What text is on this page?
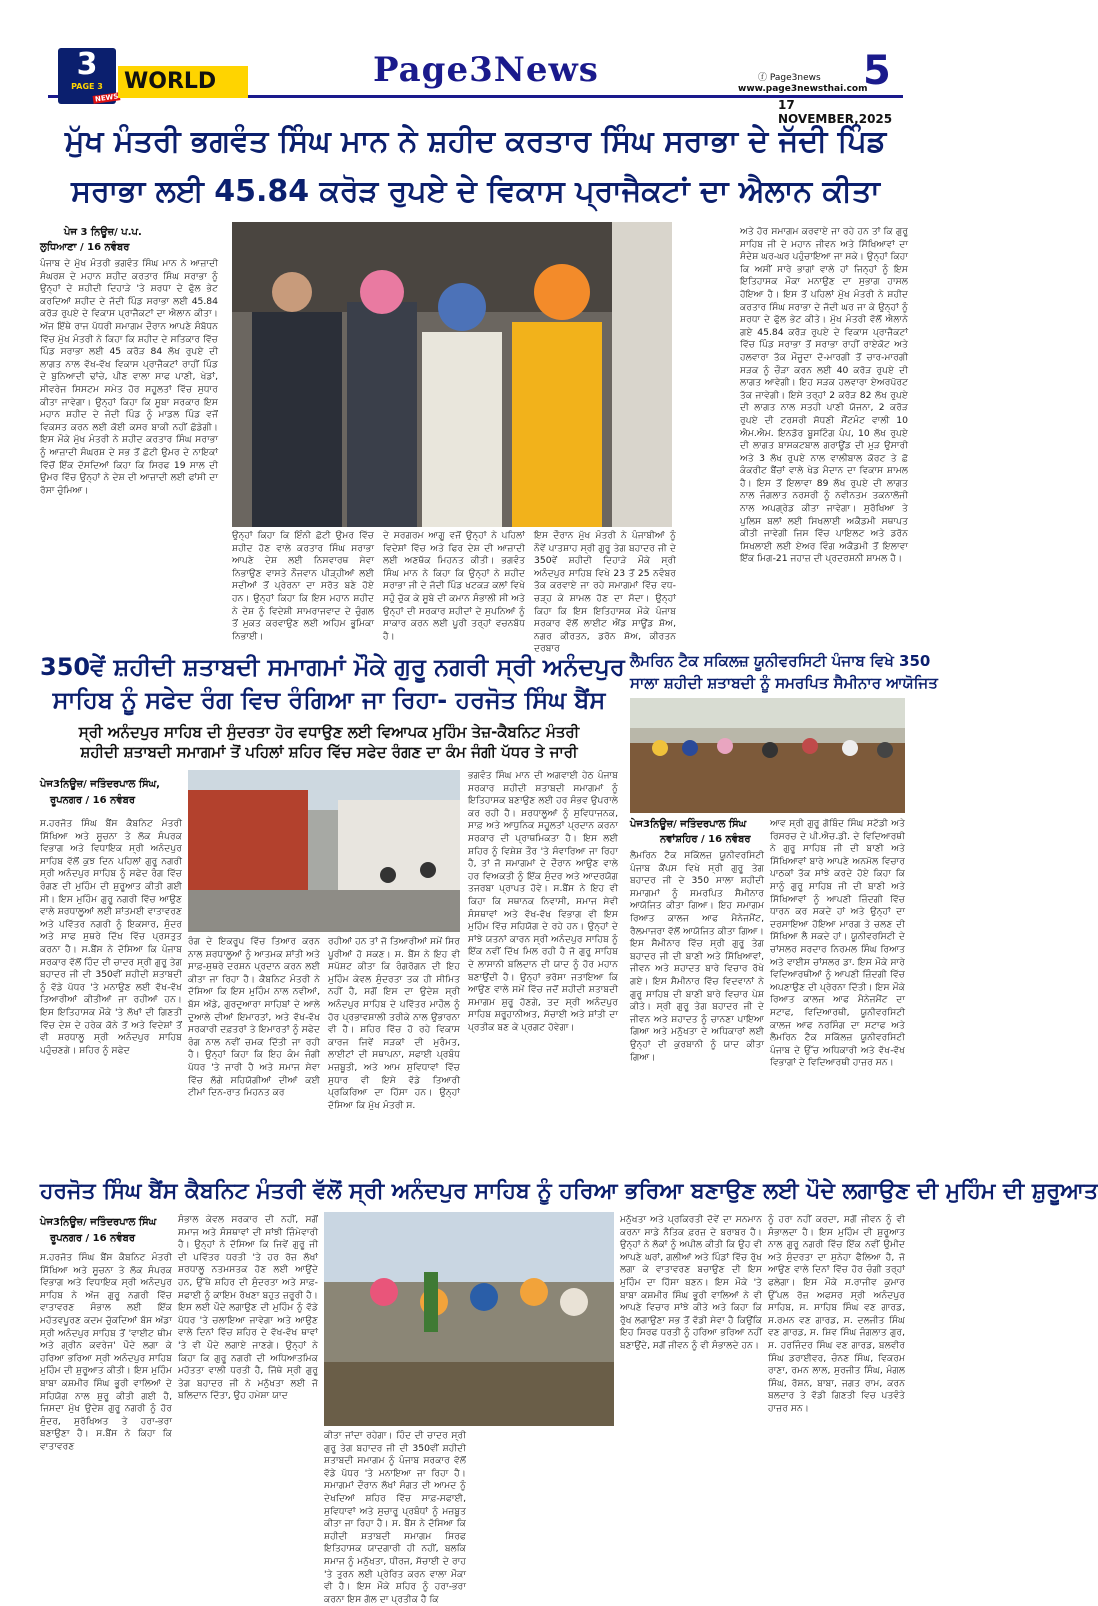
3
PAGE 3
NEWS
WORLD	Page3News	ⓕ Page3news
www.page3newsthai.com
5
17 NOVEMBER,2025
ਮੁੱਖ ਮੰਤਰੀ ਭਗਵੰਤ ਸਿੰਘ ਮਾਨ ਨੇ ਸ਼ਹੀਦ ਕਰਤਾਰ ਸਿੰਘ ਸਰਾਭਾ ਦੇ ਜੱਦੀ ਪਿੰਡ
ਸਰਾਭਾ ਲਈ 45.84 ਕਰੋੜ ਰੁਪਏ ਦੇ ਵਿਕਾਸ ਪ੍ਰਾਜੈਕਟਾਂ ਦਾ ਐਲਾਨ ਕੀਤਾ
ਪੇਜ 3 ਨਿਊਜ਼/ ਪ.ਪ.
ਲੁਧਿਆਣਾ / 16 ਨਵੰਬਰ
ਪੰਜਾਬ ਦੇ ਮੁੱਖ ਮੰਤਰੀ ਭਗਵੰਤ ਸਿੰਘ ਮਾਨ ਨੇ ਆਜ਼ਾਦੀ ਸੰਘਰਸ਼ ਦੇ ਮਹਾਨ ਸ਼ਹੀਦ ਕਰਤਾਰ ਸਿੰਘ ਸਰਾਭਾ ਨੂੰ ਉਨ੍ਹਾਂ ਦੇ ਸ਼ਹੀਦੀ ਦਿਹਾੜੇ 'ਤੇ ਸ਼ਰਧਾ ਦੇ ਫੁੱਲ ਭੇਟ ਕਰਦਿਆਂ ਸ਼ਹੀਦ ਦੇ ਜੱਦੀ ਪਿੰਡ ਸਰਾਭਾ ਲਈ 45.84 ਕਰੋੜ ਰੁਪਏ ਦੇ ਵਿਕਾਸ ਪ੍ਰਾਜੈਕਟਾਂ ਦਾ ਐਲਾਨ ਕੀਤਾ। ਅੱਜ ਇੱਥੇ ਰਾਜ ਪੱਧਰੀ ਸਮਾਗਮ ਦੌਰਾਨ ਆਪਣੇ ਸੰਬੋਧਨ ਵਿੱਚ ਮੁੱਖ ਮੰਤਰੀ ਨੇ ਕਿਹਾ ਕਿ ਸ਼ਹੀਦ ਦੇ ਸਤਿਕਾਰ ਵਿੱਚ ਪਿੰਡ ਸਰਾਭਾ ਲਈ 45 ਕਰੋੜ 84 ਲੱਖ ਰੁਪਏ ਦੀ ਲਾਗਤ ਨਾਲ ਵੱਖ-ਵੱਖ ਵਿਕਾਸ ਪ੍ਰਾਜੈਕਟਾਂ ਰਾਹੀਂ ਪਿੰਡ ਦੇ ਬੁਨਿਆਦੀ ਢਾਂਚੇ, ਪੀਣ ਵਾਲਾ ਸਾਫ ਪਾਣੀ, ਖੇਡਾਂ, ਸੀਵਰੇਜ ਸਿਸਟਮ ਸਮੇਤ ਹੋਰ ਸਹੂਲਤਾਂ ਵਿੱਚ ਸੁਧਾਰ ਕੀਤਾ ਜਾਵੇਗਾ। ਉਨ੍ਹਾਂ ਕਿਹਾ ਕਿ ਸੂਬਾ ਸਰਕਾਰ ਇਸ ਮਹਾਨ ਸ਼ਹੀਦ ਦੇ ਜੱਦੀ ਪਿੰਡ ਨੂੰ ਮਾਡਲ ਪਿੰਡ ਵਜੋਂ ਵਿਕਸਤ ਕਰਨ ਲਈ ਕੋਈ ਕਸਰ ਬਾਕੀ ਨਹੀਂ ਛੱਡੇਗੀ। ਇਸ ਮੌਕੇ ਮੁੱਖ ਮੰਤਰੀ ਨੇ ਸ਼ਹੀਦ ਕਰਤਾਰ ਸਿੰਘ ਸਰਾਭਾ ਨੂੰ ਆਜ਼ਾਦੀ ਸੰਘਰਸ਼ ਦੇ ਸਭ ਤੋਂ ਛੋਟੀ ਉਮਰ ਦੇ ਨਾਇਕਾਂ ਵਿੱਚੋਂ ਇੱਕ ਦੱਸਦਿਆਂ ਕਿਹਾ ਕਿ ਸਿਰਫ 19 ਸਾਲ ਦੀ ਉਮਰ ਵਿੱਚ ਉਨ੍ਹਾਂ ਨੇ ਦੇਸ਼ ਦੀ ਆਜ਼ਾਦੀ ਲਈ ਫਾਂਸੀ ਦਾ ਰੱਸਾ ਚੁੰਮਿਆ।
ਉਨ੍ਹਾਂ ਕਿਹਾ ਕਿ ਇੰਨੀ ਛੋਟੀ ਉਮਰ ਵਿੱਚ ਸ਼ਹੀਦ ਹੋਣ ਵਾਲੇ ਕਰਤਾਰ ਸਿੰਘ ਸਰਾਭਾ ਆਪਣੇ ਦੇਸ਼ ਲਈ ਨਿਸਵਾਰਥ ਸੇਵਾ ਨਿਭਾਉਣ ਵਾਸਤੇ ਨੌਜਵਾਨ ਪੀੜ੍ਹੀਆਂ ਲਈ ਸਦੀਆਂ ਤੋਂ ਪ੍ਰੇਰਨਾ ਦਾ ਸਰੋਤ ਬਣੇ ਹੋਏ ਹਨ। ਉਨ੍ਹਾਂ ਕਿਹਾ ਕਿ ਇਸ ਮਹਾਨ ਸ਼ਹੀਦ ਨੇ ਦੇਸ਼ ਨੂੰ ਵਿਦੇਸ਼ੀ ਸਾਮਰਾਜਵਾਦ ਦੇ ਚੁੰਗਲ ਤੋਂ ਮੁਕਤ ਕਰਵਾਉਣ ਲਈ ਅਹਿਮ ਭੂਮਿਕਾ ਨਿਭਾਈ।
ਦੇ ਸਰਗਰਮ ਆਗੂ ਵਜੋਂ ਉਨ੍ਹਾਂ ਨੇ ਪਹਿਲਾਂ ਵਿਦੇਸ਼ਾਂ ਵਿੱਚ ਅਤੇ ਫਿਰ ਦੇਸ਼ ਦੀ ਆਜ਼ਾਦੀ ਲਈ ਅਣਥੱਕ ਮਿਹਨਤ ਕੀਤੀ। ਭਗਵੰਤ ਸਿੰਘ ਮਾਨ ਨੇ ਕਿਹਾ ਕਿ ਉਨ੍ਹਾਂ ਨੇ ਸ਼ਹੀਦ ਸਰਾਭਾ ਜੀ ਦੇ ਜੱਦੀ ਪਿੰਡ ਖਟਕੜ ਕਲਾਂ ਵਿਖੇ ਸਹੁੰ ਚੁੱਕ ਕੇ ਸੂਬੇ ਦੀ ਕਮਾਨ ਸੰਭਾਲੀ ਸੀ ਅਤੇ ਉਨ੍ਹਾਂ ਦੀ ਸਰਕਾਰ ਸ਼ਹੀਦਾਂ ਦੇ ਸੁਪਨਿਆਂ ਨੂੰ ਸਾਕਾਰ ਕਰਨ ਲਈ ਪੂਰੀ ਤਰ੍ਹਾਂ ਵਚਨਬੱਧ ਹੈ।
ਇਸ ਦੌਰਾਨ ਮੁੱਖ ਮੰਤਰੀ ਨੇ ਪੰਜਾਬੀਆਂ ਨੂੰ ਨੌਵੇਂ ਪਾਤਸ਼ਾਹ ਸ੍ਰੀ ਗੁਰੂ ਤੇਗ ਬਹਾਦਰ ਜੀ ਦੇ 350ਵੇਂ ਸ਼ਹੀਦੀ ਦਿਹਾੜੇ ਮੌਕੇ ਸ੍ਰੀ ਅਨੰਦਪੁਰ ਸਾਹਿਬ ਵਿਖੇ 23 ਤੋਂ 25 ਨਵੰਬਰ ਤੱਕ ਕਰਵਾਏ ਜਾ ਰਹੇ ਸਮਾਗਮਾਂ ਵਿੱਚ ਵਧ-ਚੜ੍ਹ ਕੇ ਸ਼ਾਮਲ ਹੋਣ ਦਾ ਸੱਦਾ। ਉਨ੍ਹਾਂ ਕਿਹਾ ਕਿ ਇਸ ਇਤਿਹਾਸਕ ਮੌਕੇ ਪੰਜਾਬ ਸਰਕਾਰ ਵੱਲੋਂ ਲਾਈਟ ਐਂਡ ਸਾਊਂਡ ਸ਼ੋਅ, ਨਗਰ ਕੀਰਤਨ, ਡਰੋਨ ਸ਼ੋਅ, ਕੀਰਤਨ ਦਰਬਾਰ
ਅਤੇ ਹੋਰ ਸਮਾਗਮ ਕਰਵਾਏ ਜਾ ਰਹੇ ਹਨ ਤਾਂ ਕਿ ਗੁਰੂ ਸਾਹਿਬ ਜੀ ਦੇ ਮਹਾਨ ਜੀਵਨ ਅਤੇ ਸਿੱਖਿਆਵਾਂ ਦਾ ਸੰਦੇਸ਼ ਘਰ-ਘਰ ਪਹੁੰਚਾਇਆ ਜਾ ਸਕੇ। ਉਨ੍ਹਾਂ ਕਿਹਾ ਕਿ ਅਸੀਂ ਸਾਰੇ ਭਾਗਾਂ ਵਾਲੇ ਹਾਂ ਜਿਨ੍ਹਾਂ ਨੂੰ ਇਸ ਇਤਿਹਾਸਕ ਮੌਕਾ ਮਨਾਉਣ ਦਾ ਸੁਭਾਗ ਹਾਸਲ ਹੋਇਆ ਹੈ। ਇਸ ਤੋਂ ਪਹਿਲਾਂ ਮੁੱਖ ਮੰਤਰੀ ਨੇ ਸ਼ਹੀਦ ਕਰਤਾਰ ਸਿੰਘ ਸਰਾਭਾ ਦੇ ਜੱਦੀ ਘਰ ਜਾ ਕੇ ਉਨ੍ਹਾਂ ਨੂੰ ਸ਼ਰਧਾ ਦੇ ਫੁੱਲ ਭੇਟ ਕੀਤੇ। ਮੁੱਖ ਮੰਤਰੀ ਵੱਲੋਂ ਐਲਾਨੇ ਗਏ 45.84 ਕਰੋੜ ਰੁਪਏ ਦੇ ਵਿਕਾਸ ਪ੍ਰਾਜੈਕਟਾਂ ਵਿੱਚ ਪਿੰਡ ਸਰਾਭਾ ਤੋਂ ਸਰਾਭਾ ਰਾਹੀਂ ਰਾਏਕੋਟ ਅਤੇ ਹਲਵਾਰਾ ਤੱਕ ਮੌਜੂਦਾ ਦੋ-ਮਾਰਗੀ ਤੋਂ ਚਾਰ-ਮਾਰਗੀ ਸੜਕ ਨੂੰ ਚੌੜਾ ਕਰਨ ਲਈ 40 ਕਰੋੜ ਰੁਪਏ ਦੀ ਲਾਗਤ ਆਵੇਗੀ। ਇਹ ਸੜਕ ਹਲਵਾਰਾ ਏਅਰਪੋਰਟ ਤੱਕ ਜਾਵੇਗੀ। ਇਸੇ ਤਰ੍ਹਾਂ 2 ਕਰੋੜ 82 ਲੱਖ ਰੁਪਏ ਦੀ ਲਾਗਤ ਨਾਲ ਸਤਹੀ ਪਾਣੀ ਯੋਜਨਾ, 2 ਕਰੋੜ ਰੁਪਏ ਦੀ ਟਰਸਰੀ ਸੋਧਣੀ ਸੌਂਟਮੰਟ ਵਾਲੀ 10 ਐਮ.ਐਮ. ਇਨਡੋਰ ਬੂਸਟਿੰਗ ਪੰਪ, 10 ਲੱਖ ਰੁਪਏ ਦੀ ਲਾਗਤ ਬਾਸਕਟਬਾਲ ਗਰਾਊਂਡ ਦੀ ਮੁੜ ਉਸਾਰੀ ਅਤੇ 3 ਲੱਖ ਰੁਪਏ ਨਾਲ ਵਾਲੀਬਾਲ ਕੋਰਟ ਤੇ ਛੋ ਕੰਕਰੀਟ ਬੈਂਚਾਂ ਵਾਲੇ ਖੇਡ ਮੈਦਾਨ ਦਾ ਵਿਕਾਸ ਸ਼ਾਮਲ ਹੈ। ਇਸ ਤੋਂ ਇਲਾਵਾ 89 ਲੱਖ ਰੁਪਏ ਦੀ ਲਾਗਤ ਨਾਲ ਜੰਗਲਾਤ ਨਰਸਰੀ ਨੂੰ ਨਵੀਨਤਮ ਤਕਨਾਲੋਜੀ ਨਾਲ ਅਪਗ੍ਰੇਡ ਕੀਤਾ ਜਾਵੇਗਾ। ਸੁਰੱਖਿਆ ਤੇ ਪੁਲਿਸ ਬਲਾਂ ਲਈ ਸਿਖਲਾਈ ਅਕੈਡਮੀ ਸਥਾਪਤ ਕੀਤੀ ਜਾਵੇਗੀ ਜਿਸ ਵਿੱਚ ਪਾਇਲਟ ਅਤੇ ਡਰੋਨ ਸਿਖਲਾਈ ਲਈ ਏਅਰ ਵਿੰਗ ਅਕੈਡਮੀ ਤੋਂ ਇਲਾਵਾ ਇੱਕ ਮਿਗ-21 ਜਹਾਜ਼ ਦੀ ਪ੍ਰਦਰਸ਼ਨੀ ਸ਼ਾਮਲ ਹੈ।
350ਵੇਂ ਸ਼ਹੀਦੀ ਸ਼ਤਾਬਦੀ ਸਮਾਗਮਾਂ ਮੌਕੇ ਗੁਰੂ ਨਗਰੀ ਸ੍ਰੀ ਅਨੰਦਪੁਰ
ਸਾਹਿਬ ਨੂੰ ਸਫੇਦ ਰੰਗ ਵਿਚ ਰੰਗਿਆ ਜਾ ਰਿਹਾ- ਹਰਜੋਤ ਸਿੰਘ ਬੈਂਸ
ਸ੍ਰੀ ਅਨੰਦਪੁਰ ਸਾਹਿਬ ਦੀ ਸੁੰਦਰਤਾ ਹੋਰ ਵਧਾਉਣ ਲਈ ਵਿਆਪਕ ਮੁਹਿੰਮ ਤੇਜ਼-ਕੈਬਨਿਟ ਮੰਤਰੀ
ਸ਼ਹੀਦੀ ਸ਼ਤਾਬਦੀ ਸਮਾਗਮਾਂ ਤੋਂ ਪਹਿਲਾਂ ਸ਼ਹਿਰ ਵਿੱਚ ਸਫੇਦ ਰੰਗਣ ਦਾ ਕੰਮ ਜੰਗੀ ਪੱਧਰ ਤੇ ਜਾਰੀ
ਪੇਜ3ਨਿਊਜ਼/ ਜਤਿੰਦਰਪਾਲ ਸਿੰਘ,
ਰੂਪਨਗਰ / 16 ਨਵੰਬਰ
ਸ.ਹਰਜੋਤ ਸਿੰਘ ਬੈਂਸ ਕੈਬਨਿਟ ਮੰਤਰੀ ਸਿੱਖਿਆ ਅਤੇ ਸੂਚਨਾ ਤੇ ਲੋਕ ਸੰਪਰਕ ਵਿਭਾਗ ਅਤੇ ਵਿਧਾਇਕ ਸ੍ਰੀ ਅਨੰਦਪੁਰ ਸਾਹਿਬ ਵੱਲੋਂ ਕੁਝ ਦਿਨ ਪਹਿਲਾਂ ਗੁਰੂ ਨਗਰੀ ਸ੍ਰੀ ਅਨੰਦਪੁਰ ਸਾਹਿਬ ਨੂੰ ਸਫੇਦ ਰੰਗ ਵਿੱਚ ਰੰਗਣ ਦੀ ਮੁਹਿੰਮ ਦੀ ਸ਼ੁਰੂਆਤ ਕੀਤੀ ਗਈ ਸੀ। ਇਸ ਮੁਹਿੰਮ ਗੁਰੂ ਨਗਰੀ ਵਿੱਚ ਆਉਣ ਵਾਲੇ ਸ਼ਰਧਾਲੂਆਂ ਲਈ ਸ਼ਾਂਤਮਈ ਵਾਤਾਵਰਣ ਅਤੇ ਪਵਿੱਤਰ ਨਗਰੀ ਨੂੰ ਇਕਸਾਰ, ਸੁੰਦਰ ਅਤੇ ਸਾਫ ਸੁਥਰੇ ਦਿੱਖ ਵਿੱਚ ਪ੍ਰਸਤੁਤ ਕਰਨਾ ਹੈ। ਸ.ਬੈਂਸ ਨੇ ਦੱਸਿਆ ਕਿ ਪੰਜਾਬ ਸਰਕਾਰ ਵੱਲੋਂ ਹਿੰਦ ਦੀ ਚਾਦਰ ਸ੍ਰੀ ਗੁਰੂ ਤੇਗ ਬਹਾਦਰ ਜੀ ਦੀ 350ਵੀਂ ਸ਼ਹੀਦੀ ਸ਼ਤਾਬਦੀ ਨੂੰ ਵੱਡੇ ਪੱਧਰ 'ਤੇ ਮਨਾਉਣ ਲਈ ਵੱਖ-ਵੱਖ ਤਿਆਰੀਆਂ ਕੀਤੀਆਂ ਜਾ ਰਹੀਆਂ ਹਨ। ਇਸ ਇਤਿਹਾਸਕ ਮੌਕੇ 'ਤੇ ਲੱਖਾਂ ਦੀ ਗਿਣਤੀ ਵਿੱਚ ਦੇਸ਼ ਦੇ ਹਰੇਕ ਕੋਨੇ ਤੋਂ ਅਤੇ ਵਿਦੇਸ਼ਾਂ ਤੋਂ ਵੀ ਸ਼ਰਧਾਲੂ ਸ੍ਰੀ ਅਨੰਦਪੁਰ ਸਾਹਿਬ ਪਹੁੰਚਣਗੇ। ਸ਼ਹਿਰ ਨੂੰ ਸਫੇਦ
ਰੰਗ ਦੇ ਇਕਰੂਪ ਵਿੱਚ ਤਿਆਰ ਕਰਨ ਨਾਲ ਸ਼ਰਧਾਲੂਆਂ ਨੂੰ ਆਤਮਕ ਸ਼ਾਂਤੀ ਅਤੇ ਸਾਫ਼-ਸੁਥਰੇ ਦਰਸ਼ਨ ਪ੍ਰਦਾਨ ਕਰਨ ਲਈ ਕੀਤਾ ਜਾ ਰਿਹਾ ਹੈ। ਕੈਬਨਿਟ ਮੰਤਰੀ ਨੇ ਦੱਸਿਆ ਕਿ ਇਸ ਮੁਹਿੰਮ ਨਾਲ ਨਵੀਆਂ, ਬੱਸ ਅੱਡੇ, ਗੁਰਦੁਆਰਾ ਸਾਹਿਬਾਂ ਦੇ ਆਲੇ ਦੁਆਲੇ ਦੀਆਂ ਇਮਾਰਤਾਂ, ਅਤੇ ਵੱਖ-ਵੱਖ ਸਰਕਾਰੀ ਦਫ਼ਤਰਾਂ ਤੇ ਇਮਾਰਤਾਂ ਨੂੰ ਸਫੇਦ ਰੰਗ ਨਾਲ ਨਵੀਂ ਚਮਕ ਦਿੱਤੀ ਜਾ ਰਹੀ ਹੈ। ਉਨ੍ਹਾਂ ਕਿਹਾ ਕਿ ਇਹ ਕੰਮ ਜੰਗੀ ਪੱਧਰ 'ਤੇ ਜਾਰੀ ਹੈ ਅਤੇ ਸਮਾਜ ਸੇਵਾ ਵਿੱਚ ਲੱਗੇ ਸਹਿਯੋਗੀਆਂ ਦੀਆਂ ਕਈ ਟੀਮਾਂ ਦਿਨ-ਰਾਤ ਮਿਹਨਤ ਕਰ
ਰਹੀਆਂ ਹਨ ਤਾਂ ਜੋ ਤਿਆਰੀਆਂ ਸਮੇਂ ਸਿਰ ਪੂਰੀਆਂ ਹੋ ਸਕਣ। ਸ. ਬੈਂਸ ਨੇ ਇਹ ਵੀ ਸਪੱਸ਼ਟ ਕੀਤਾ ਕਿ ਰੰਗਰੋਗਨ ਦੀ ਇਹ ਮੁਹਿੰਮ ਕੇਵਲ ਸੁੰਦਰਤਾ ਤਕ ਹੀ ਸੀਮਿਤ ਨਹੀਂ ਹੈ, ਸਗੋਂ ਇਸ ਦਾ ਉਦੇਸ਼ ਸ੍ਰੀ ਅਨੰਦਪੁਰ ਸਾਹਿਬ ਦੇ ਪਵਿੱਤਰ ਮਾਹੌਲ ਨੂੰ ਹੋਰ ਪ੍ਰਭਾਵਸ਼ਾਲੀ ਤਰੀਕੇ ਨਾਲ ਉਭਾਰਨਾ ਵੀ ਹੈ। ਸ਼ਹਿਰ ਵਿੱਚ ਹੋ ਰਹੇ ਵਿਕਾਸ ਕਾਰਜ ਜਿਵੇਂ ਸੜਕਾਂ ਦੀ ਮੁਰੰਮਤ, ਲਾਈਟਾਂ ਦੀ ਸਥਾਪਨਾ, ਸਫਾਈ ਪ੍ਰਬੰਧ ਮਜ਼ਬੂਤੀ, ਅਤੇ ਆਮ ਸੁਵਿਧਾਵਾਂ ਵਿੱਚ ਸੁਧਾਰ ਵੀ ਇਸੇ ਵੱਡੇ ਤਿਆਰੀ ਪ੍ਰਕਿਰਿਆ ਦਾ ਹਿੱਸਾ ਹਨ। ਉਨ੍ਹਾਂ ਦੱਸਿਆ ਕਿ ਮੁੱਖ ਮੰਤਰੀ ਸ.
ਭਗਵੰਤ ਸਿੰਘ ਮਾਨ ਦੀ ਅਗਵਾਈ ਹੇਠ ਪੰਜਾਬ ਸਰਕਾਰ ਸ਼ਹੀਦੀ ਸ਼ਤਾਬਦੀ ਸਮਾਗਮਾਂ ਨੂੰ ਇਤਿਹਾਸਕ ਬਣਾਉਣ ਲਈ ਹਰ ਸੰਭਵ ਉਪਰਾਲੇ ਕਰ ਰਹੀ ਹੈ। ਸ਼ਰਧਾਲੂਆਂ ਨੂੰ ਸੁਵਿਧਾਜਨਕ, ਸਾਫ਼ ਅਤੇ ਆਧੁਨਿਕ ਸਹੂਲਤਾਂ ਪ੍ਰਦਾਨ ਕਰਨਾ ਸਰਕਾਰ ਦੀ ਪ੍ਰਾਥਮਿਕਤਾ ਹੈ। ਇਸ ਲਈ ਸ਼ਹਿਰ ਨੂੰ ਵਿਸ਼ੇਸ਼ ਤੌਰ 'ਤੇ ਸੰਵਾਰਿਆ ਜਾ ਰਿਹਾ ਹੈ, ਤਾਂ ਜੋ ਸਮਾਗਮਾਂ ਦੇ ਦੌਰਾਨ ਆਉਣ ਵਾਲੇ ਹਰ ਵਿਅਕਤੀ ਨੂੰ ਇੱਕ ਸੁੰਦਰ ਅਤੇ ਆਦਰਯੋਗ ਤਜਰਬਾ ਪ੍ਰਾਪਤ ਹੋਵੇ। ਸ.ਬੈਂਸ ਨੇ ਇਹ ਵੀ ਕਿਹਾ ਕਿ ਸਥਾਨਕ ਨਿਵਾਸੀ, ਸਮਾਜ ਸੇਵੀ ਸੰਸਥਾਵਾਂ ਅਤੇ ਵੱਖ-ਵੱਖ ਵਿਭਾਗ ਵੀ ਇਸ ਮੁਹਿੰਮ ਵਿੱਚ ਸਹਿਯੋਗ ਦੇ ਰਹੇ ਹਨ। ਉਨ੍ਹਾਂ ਦੇ ਸਾਂਝੇ ਯਤਨਾਂ ਕਾਰਨ ਸ੍ਰੀ ਅਨੰਦਪੁਰ ਸਾਹਿਬ ਨੂੰ ਇੱਕ ਨਵੀਂ ਦਿੱਖ ਮਿਲ ਰਹੀ ਹੈ ਜੋ ਗੁਰੂ ਸਾਹਿਬ ਦੇ ਲਾਸਾਨੀ ਬਲਿਦਾਨ ਦੀ ਯਾਦ ਨੂੰ ਹੋਰ ਮਹਾਨ ਬਣਾਉਂਦੀ ਹੈ। ਉਨ੍ਹਾਂ ਭਰੋਸਾ ਜਤਾਇਆ ਕਿ ਆਉਣ ਵਾਲੇ ਸਮੇਂ ਵਿੱਚ ਜਦੋਂ ਸ਼ਹੀਦੀ ਸ਼ਤਾਬਦੀ ਸਮਾਗਮ ਸ਼ੁਰੂ ਹੋਣਗੇ, ਤਦ ਸ੍ਰੀ ਅਨੰਦਪੁਰ ਸਾਹਿਬ ਸ਼ਰੂਹਾਨੀਅਤ, ਸੱਚਾਈ ਅਤੇ ਸ਼ਾਂਤੀ ਦਾ ਪ੍ਰਤੀਕ ਬਣ ਕੇ ਪ੍ਰਗਟ ਹੋਵੇਗਾ।
ਲੈਮਰਿਨ ਟੈਕ ਸਕਿਲਜ਼ ਯੂਨੀਵਰਸਿਟੀ ਪੰਜਾਬ ਵਿਖੇ 350
ਸਾਲਾ ਸ਼ਹੀਦੀ ਸ਼ਤਾਬਦੀ ਨੂੰ ਸਮਰਪਿਤ ਸੈਮੀਨਾਰ ਆਯੋਜਿਤ
ਪੇਜ3ਨਿਊਜ਼/ ਜਤਿੰਦਰਪਾਲ ਸਿੰਘ
ਨਵਾਂਸ਼ਹਿਰ / 16 ਨਵੰਬਰ
ਲੈਮਰਿਨ ਟੈਕ ਸਕਿੱਲਜ਼ ਯੂਨੀਵਰਸਿਟੀ ਪੰਜਾਬ ਕੈਂਪਸ ਵਿਖੇ ਸ੍ਰੀ ਗੁਰੂ ਤੇਗ ਬਹਾਦਰ ਜੀ ਦੇ 350 ਸਾਲਾ ਸ਼ਹੀਦੀ ਸਮਾਗਮਾਂ ਨੂੰ ਸਮਰਪਿਤ ਸੈਮੀਨਾਰ ਆਯੋਜਿਤ ਕੀਤਾ ਗਿਆ। ਇਹ ਸਮਾਗਮ ਰਿਆਤ ਕਾਲਜ ਆਫ ਮੈਨੇਜਮੈਂਟ, ਰੈਲਮਾਜਰਾ ਵੱਲੋਂ ਆਯੋਜਿਤ ਕੀਤਾ ਗਿਆ। ਇਸ ਸੈਮੀਨਾਰ ਵਿੱਚ ਸ੍ਰੀ ਗੁਰੂ ਤੇਗ ਬਹਾਦਰ ਜੀ ਦੀ ਬਾਣੀ ਅਤੇ ਸਿੱਖਿਆਵਾਂ, ਜੀਵਨ ਅਤੇ ਸ਼ਹਾਦਤ ਬਾਰੇ ਵਿਚਾਰ ਰੱਖੇ ਗਏ। ਇਸ ਸੈਮੀਨਾਰ ਵਿੱਚ ਵਿਦਵਾਨਾਂ ਨੇ ਗੁਰੂ ਸਾਹਿਬ ਦੀ ਬਾਣੀ ਬਾਰੇ ਵਿਚਾਰ ਪੇਸ਼ ਕੀਤੇ। ਸ੍ਰੀ ਗੁਰੂ ਤੇਗ ਬਹਾਦਰ ਜੀ ਦੇ ਜੀਵਨ ਅਤੇ ਸ਼ਹਾਦਤ ਨੂੰ ਚਾਨਣਾ ਪਾਇਆ ਗਿਆ ਅਤੇ ਮਨੁੱਖਤਾ ਦੇ ਅਧਿਕਾਰਾਂ ਲਈ ਉਨ੍ਹਾਂ ਦੀ ਕੁਰਬਾਨੀ ਨੂੰ ਯਾਦ ਕੀਤਾ ਗਿਆ।
ਆਵ ਸ੍ਰੀ ਗੁਰੂ ਗੋਬਿੰਦ ਸਿੰਘ ਸਟੱਡੀ ਅਤੇ ਰਿਸਰਚ ਦੇ ਪੀ.ਐਚ.ਡੀ. ਦੇ ਵਿਦਿਆਰਥੀ ਨੇ ਗੁਰੂ ਸਾਹਿਬ ਜੀ ਦੀ ਬਾਣੀ ਅਤੇ ਸਿੱਖਿਆਵਾਂ ਬਾਰੇ ਆਪਣੇ ਅਨਮੋਲ ਵਿਚਾਰ ਪਾਠਕਾਂ ਤੱਕ ਸਾਂਝੇ ਕਰਦੇ ਹੋਏ ਕਿਹਾ ਕਿ ਸਾਨੂੰ ਗੁਰੂ ਸਾਹਿਬ ਜੀ ਦੀ ਬਾਣੀ ਅਤੇ ਸਿੱਖਿਆਵਾਂ ਨੂੰ ਆਪਣੀ ਜ਼ਿੰਦਗੀ ਵਿੱਚ ਧਾਰਨ ਕਰ ਸਕਦੇ ਹਾਂ ਅਤੇ ਉਨ੍ਹਾਂ ਦਾ ਦਰਸਾਇਆ ਹੋਇਆ ਮਾਰਗ ਤੇ ਚਲਣ ਦੀ ਸਿੱਖਿਆ ਲੈ ਸਕਦੇ ਹਾਂ। ਯੂਨੀਵਰਸਿਟੀ ਦੇ ਚਾਂਸਲਰ ਸਰਦਾਰ ਨਿਰਮਲ ਸਿੰਘ ਰਿਆਤ ਅਤੇ ਵਾਈਸ ਚਾਂਸਲਰ ਡਾ. ਇਸ ਮੌਕੇ ਸਾਰੇ ਵਿਦਿਆਰਥੀਆਂ ਨੂੰ ਆਪਣੀ ਜ਼ਿੰਦਗੀ ਵਿੱਚ ਅਪਣਾਉਣ ਦੀ ਪ੍ਰੇਰਨਾ ਦਿੱਤੀ। ਇਸ ਮੌਕੇ ਰਿਆਤ ਕਾਲਜ ਆਫ ਮੈਨੇਜਮੈਂਟ ਦਾ ਸਟਾਫ, ਵਿਦਿਆਰਥੀ, ਯੂਨੀਵਰਸਿਟੀ ਕਾਲਜ ਆਫ ਨਰਸਿੰਗ ਦਾ ਸਟਾਫ ਅਤੇ ਲੈਮਰਿਨ ਟੈਕ ਸਕਿੱਲਜ਼ ਯੂਨੀਵਰਸਿਟੀ ਪੰਜਾਬ ਦੇ ਉੱਚ ਅਧਿਕਾਰੀ ਅਤੇ ਵੱਖ-ਵੱਖ ਵਿਭਾਗਾਂ ਦੇ ਵਿਦਿਆਰਥੀ ਹਾਜ਼ਰ ਸਨ।
ਹਰਜੋਤ ਸਿੰਘ ਬੈਂਸ ਕੈਬਨਿਟ ਮੰਤਰੀ ਵੱਲੋਂ ਸ੍ਰੀ ਅਨੰਦਪੁਰ ਸਾਹਿਬ ਨੂੰ ਹਰਿਆ ਭਰਿਆ ਬਣਾਉਣ ਲਈ ਪੌਦੇ ਲਗਾਉਣ ਦੀ ਮੁਹਿੰਮ ਦੀ ਸ਼ੁਰੂਆਤ
ਪੇਜ3ਨਿਊਜ਼/ ਜਤਿੰਦਰਪਾਲ ਸਿੰਘ
ਰੂਪਨਗਰ / 16 ਨਵੰਬਰ
ਸ.ਹਰਜੋਤ ਸਿੰਘ ਬੈਂਸ ਕੈਬਨਿਟ ਮੰਤਰੀ ਸਿੱਖਿਆ ਅਤੇ ਸੂਚਨਾ ਤੇ ਲੋਕ ਸੰਪਰਕ ਵਿਭਾਗ ਅਤੇ ਵਿਧਾਇਕ ਸ੍ਰੀ ਅਨੰਦਪੁਰ ਸਾਹਿਬ ਨੇ ਅੱਜ ਗੁਰੂ ਨਗਰੀ ਵਿੱਚ ਵਾਤਾਵਰਣ ਸੰਭਾਲ ਲਈ ਇੱਕ ਮਹੱਤਵਪੂਰਣ ਕਦਮ ਚੁੱਕਦਿਆਂ ਬੱਸ ਅੱਡਾ ਸ੍ਰੀ ਅਨੰਦਪੁਰ ਸਾਹਿਬ ਤੋਂ 'ਵਾਈਟ ਥੀਮ ਅਤੇ ਗ੍ਰੀਨ ਕਵਰੇਜ' ਪੌਦੇ ਲਗਾ ਕੇ ਹਰਿਆ ਭਰਿਆ ਸ੍ਰੀ ਅਨੰਦਪੁਰ ਸਾਹਿਬ ਮੁਹਿੰਮ ਦੀ ਸ਼ੁਰੂਆਤ ਕੀਤੀ। ਇਸ ਮੁਹਿੰਮ ਬਾਬਾ ਕਸ਼ਮੀਰ ਸਿੰਘ ਭੂਰੀ ਵਾਲਿਆਂ ਦੇ ਸਹਿਯੋਗ ਨਾਲ ਸ਼ੁਰੂ ਕੀਤੀ ਗਈ ਹੈ, ਜਿਸਦਾ ਮੁੱਖ ਉਦੇਸ਼ ਗੁਰੂ ਨਗਰੀ ਨੂੰ ਹੋਰ ਸੁੰਦਰ, ਸੁਰੱਖਿਅਤ ਤੇ ਹਰਾ-ਭਰਾ ਬਣਾਉਣਾ ਹੈ। ਸ.ਬੈਂਸ ਨੇ ਕਿਹਾ ਕਿ ਵਾਤਾਵਰਣ
ਸੰਭਾਲ ਕੇਵਲ ਸਰਕਾਰ ਦੀ ਨਹੀਂ, ਸਗੋਂ ਸਮਾਜ ਅਤੇ ਸੰਸਥਾਵਾਂ ਦੀ ਸਾਂਝੀ ਜ਼ਿੰਮੇਵਾਰੀ ਹੈ। ਉਨ੍ਹਾਂ ਨੇ ਦੱਸਿਆ ਕਿ ਜਿਵੇਂ ਗੁਰੂ ਜੀ ਦੀ ਪਵਿੱਤਰ ਧਰਤੀ 'ਤੇ ਹਰ ਰੋਜ਼ ਲੱਖਾਂ ਸ਼ਰਧਾਲੂ ਨਤਮਸਤਕ ਹੋਣ ਲਈ ਆਉਂਦੇ ਹਨ, ਉੱਥੇ ਸ਼ਹਿਰ ਦੀ ਸੁੰਦਰਤਾ ਅਤੇ ਸਾਫ਼-ਸਫਾਈ ਨੂੰ ਕਾਇਮ ਰੱਖਣਾ ਬਹੁਤ ਜ਼ਰੂਰੀ ਹੈ। ਇਸ ਲਈ ਪੌਦੇ ਲਗਾਉਣ ਦੀ ਮੁਹਿੰਮ ਨੂੰ ਵੱਡੇ ਪੱਧਰ 'ਤੇ ਚਲਾਇਆ ਜਾਵੇਗਾ ਅਤੇ ਆਉਣ ਵਾਲੇ ਦਿਨਾਂ ਵਿੱਚ ਸ਼ਹਿਰ ਦੇ ਵੱਖ-ਵੱਖ ਥਾਵਾਂ 'ਤੇ ਵੀ ਪੌਦੇ ਲਗਾਏ ਜਾਣਗੇ। ਉਨ੍ਹਾਂ ਨੇ ਕਿਹਾ ਕਿ ਗੁਰੂ ਨਗਰੀ ਦੀ ਅਧਿਆਤਮਿਕ ਮਹੱਤਤਾ ਵਾਲੀ ਧਰਤੀ ਹੈ, ਜਿੱਥੇ ਸ੍ਰੀ ਗੁਰੂ ਤੇਗ ਬਹਾਦਰ ਜੀ ਨੇ ਮਨੁੱਖਤਾ ਲਈ ਜੋ ਬਲਿਦਾਨ ਦਿੱਤਾ, ਉਹ ਹਮੇਸ਼ਾ ਯਾਦ
ਕੀਤਾ ਜਾਂਦਾ ਰਹੇਗਾ। ਹਿੰਦ ਦੀ ਚਾਦਰ ਸ੍ਰੀ ਗੁਰੂ ਤੇਗ ਬਹਾਦਰ ਜੀ ਦੀ 350ਵੀਂ ਸ਼ਹੀਦੀ ਸ਼ਤਾਬਦੀ ਸਮਾਗਮ ਨੂੰ ਪੰਜਾਬ ਸਰਕਾਰ ਵੱਲੋਂ ਵੱਡੇ ਪੱਧਰ 'ਤੇ ਮਨਾਇਆ ਜਾ ਰਿਹਾ ਹੈ। ਸਮਾਗਮਾਂ ਦੌਰਾਨ ਲੱਖਾਂ ਸੰਗਤ ਦੀ ਆਮਦ ਨੂੰ ਦੇਖਦਿਆਂ ਸ਼ਹਿਰ ਵਿੱਚ ਸਾਫ਼-ਸਫਾਈ, ਸੁਵਿਧਾਵਾਂ ਅਤੇ ਸੁਚਾਰੂ ਪ੍ਰਬੰਧਾਂ ਨੂੰ ਮਜ਼ਬੂਤ ਕੀਤਾ ਜਾ ਰਿਹਾ ਹੈ। ਸ. ਬੈਂਸ ਨੇ ਦੱਸਿਆ ਕਿ ਸ਼ਹੀਦੀ ਸ਼ਤਾਬਦੀ ਸਮਾਗਮ ਸਿਰਫ ਇਤਿਹਾਸਕ ਯਾਦਗਾਰੀ ਹੀ ਨਹੀਂ, ਬਲਕਿ ਸਮਾਜ ਨੂੰ ਮਨੁੱਖਤਾ, ਧੀਰਜ, ਸੱਚਾਈ ਦੇ ਰਾਹ 'ਤੇ ਤੁਰਨ ਲਈ ਪ੍ਰੇਰਿਤ ਕਰਨ ਵਾਲਾ ਮੌਕਾ ਵੀ ਹੈ। ਇਸ ਮੌਕੇ ਸ਼ਹਿਰ ਨੂੰ ਹਰਾ-ਭਰਾ ਕਰਨਾ ਇਸ ਗੱਲ ਦਾ ਪ੍ਰਤੀਕ ਹੈ ਕਿ
ਮਨੁੱਖਤਾ ਅਤੇ ਪ੍ਰਕਿਰਤੀ ਦੋਵੇਂ ਦਾ ਸਨਮਾਨ ਕਰਨਾ ਸਾਡੇ ਨੈਤਿਕ ਫ਼ਰਜ਼ ਦੇ ਬਰਾਬਰ ਹੈ। ਉਨ੍ਹਾਂ ਨੇ ਲੋਕਾਂ ਨੂੰ ਅਪੀਲ ਕੀਤੀ ਕਿ ਉਹ ਵੀ ਆਪਣੇ ਘਰਾਂ, ਗਲੀਆਂ ਅਤੇ ਪਿੰਡਾਂ ਵਿੱਚ ਰੁੱਖ ਲਗਾ ਕੇ ਵਾਤਾਵਰਣ ਬਚਾਉਣ ਦੀ ਇਸ ਮੁਹਿੰਮ ਦਾ ਹਿੱਸਾ ਬਣਨ। ਇਸ ਮੌਕੇ 'ਤੇ ਬਾਬਾ ਕਸ਼ਮੀਰ ਸਿੰਘ ਭੂਰੀ ਵਾਲਿਆਂ ਨੇ ਵੀ ਆਪਣੇ ਵਿਚਾਰ ਸਾਂਝੇ ਕੀਤੇ ਅਤੇ ਕਿਹਾ ਕਿ ਰੁੱਖ ਲਗਾਉਣਾ ਸਭ ਤੋਂ ਵੱਡੀ ਸੇਵਾ ਹੈ ਕਿਉਂਕਿ ਇਹ ਸਿਰਫ ਧਰਤੀ ਨੂੰ ਹਰਿਆ ਭਰਿਆ ਨਹੀਂ ਬਣਾਉਂਦੇ, ਸਗੋਂ ਜੀਵਨ ਨੂੰ ਵੀ ਸੰਭਾਲਦੇ ਹਨ।
ਨੂੰ ਹਰਾ ਨਹੀਂ ਕਰਦਾ, ਸਗੋਂ ਜੀਵਨ ਨੂੰ ਵੀ ਸੰਭਾਲਦਾ ਹੈ। ਇਸ ਮੁਹਿੰਮ ਦੀ ਸ਼ੁਰੂਆਤ ਨਾਲ ਗੁਰੂ ਨਗਰੀ ਵਿੱਚ ਇੱਕ ਨਵੀਂ ਉਮੀਦ ਅਤੇ ਸੁੰਦਰਤਾ ਦਾ ਸੁਨੇਹਾ ਫੈਲਿਆ ਹੈ, ਜੋ ਆਉਣ ਵਾਲੇ ਦਿਨਾਂ ਵਿੱਚ ਹੋਰ ਚੰਗੀ ਤਰ੍ਹਾਂ ਫਲੇਗਾ। ਇਸ ਮੌਕੇ ਸ.ਰਾਜੀਵ ਕੁਮਾਰ ਉੱਪਲ ਰੋਜ਼ ਅਫਸਰ ਸ੍ਰੀ ਅਨੰਦਪੁਰ ਸਾਹਿਬ, ਸ. ਸਾਹਿਬ ਸਿੰਘ ਵਣ ਗਾਰਡ, ਸ.ਰਮਨ ਵਣ ਗਾਰਡ, ਸ. ਦਲਜੀਤ ਸਿੰਘ ਵਣ ਗਾਰਡ, ਸ. ਸ਼ਿਵ ਸਿੰਘ ਜੰਗਲਾਤ ਗੁਰ, ਸ. ਹਰਜਿੰਦਰ ਸਿੰਘ ਵਣ ਗਾਰਡ, ਬਲਵੀਰ ਸਿੰਘ ਡਰਾਈਵਰ, ਚੰਨਣ ਸਿੰਘ, ਵਿਕਰਮ ਰਾਣਾ, ਰਮਨ ਲਾਲ, ਸੁਰਜੀਤ ਸਿੰਘ, ਮੰਗਲ ਸਿੰਘ, ਰੋਸ਼ਨ, ਬਾਬਾ, ਜਗਤ ਰਾਮ, ਕਰਨ ਬਲਦਾਰ ਤੇ ਵੱਡੀ ਗਿਣਤੀ ਵਿਚ ਪਤਵੰਤੇ ਹਾਜ਼ਰ ਸਨ।
